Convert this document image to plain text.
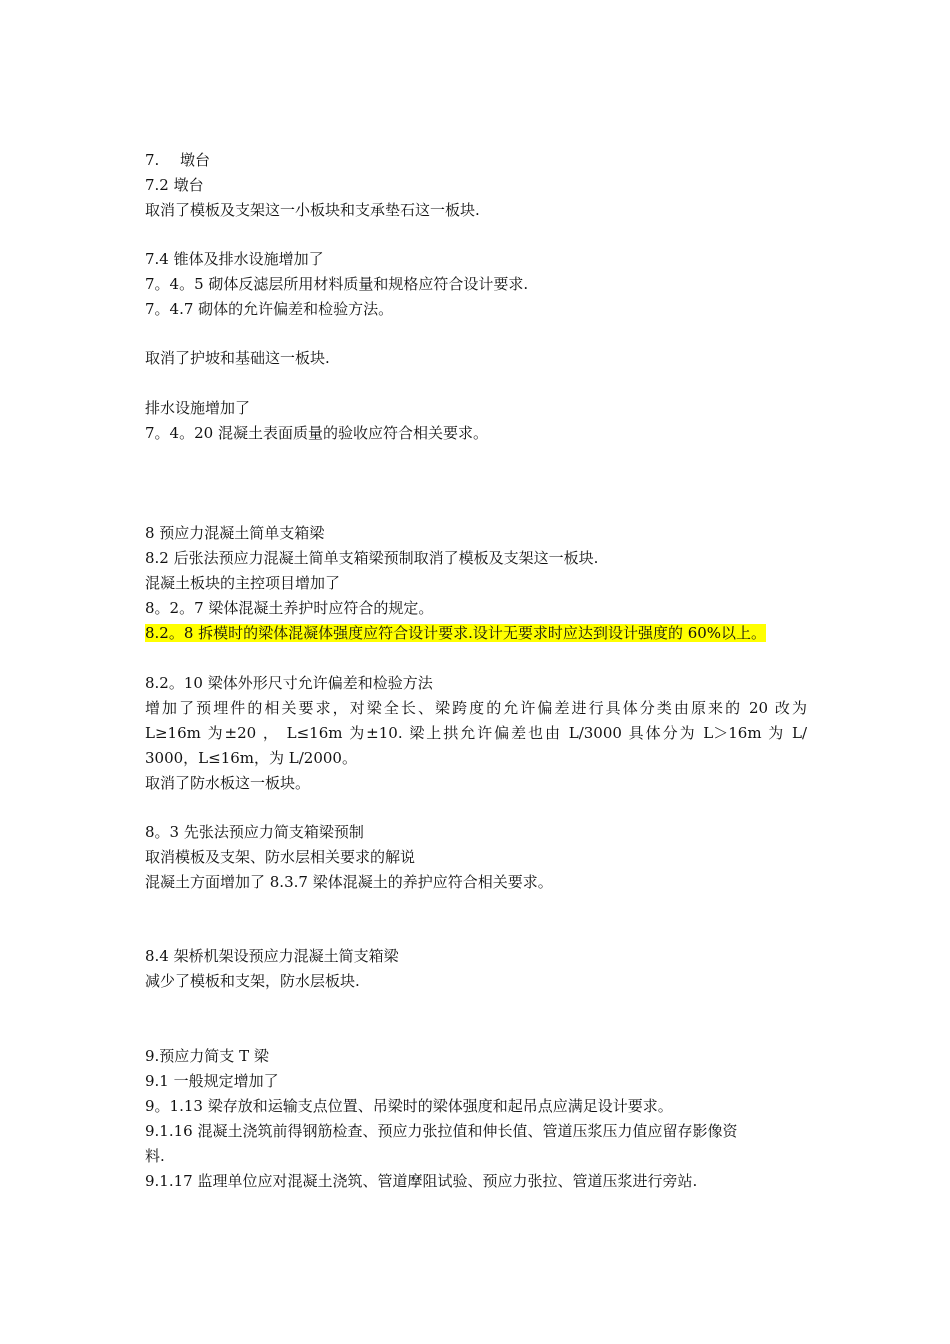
7. 墩台
7.2 墩台
取消了模板及支架这一小板块和支承垫石这一板块.
7.4 锥体及排水设施增加了
7。4。5 砌体反滤层所用材料质量和规格应符合设计要求.
7。4.7 砌体的允许偏差和检验方法。
取消了护坡和基础这一板块.
排水设施增加了
7。4。20 混凝土表面质量的验收应符合相关要求。
8 预应力混凝土简单支箱梁
8.2 后张法预应力混凝土简单支箱梁预制取消了模板及支架这一板块.
混凝土板块的主控项目增加了
8。2。7 梁体混凝土养护时应符合的规定。
8.2。8 拆模时的梁体混凝体强度应符合设计要求.设计无要求时应达到设计强度的 60%以上。
8.2。10 梁体外形尺寸允许偏差和检验方法
增加了预埋件的相关要求，对梁全长、梁跨度的允许偏差进行具体分类由原来的 20 改为
L≥16m 为±20 ， L≤16m 为±10. 梁上拱允许偏差也由 L/3000 具体分为 L＞16m 为 L/
3000，L≤16m，为 L/2000。
取消了防水板这一板块。
8。3 先张法预应力简支箱梁预制
取消模板及支架、防水层相关要求的解说
混凝土方面增加了 8.3.7 梁体混凝土的养护应符合相关要求。
8.4 架桥机架设预应力混凝土简支箱梁
减少了模板和支架，防水层板块.
9.预应力简支 T 梁
9.1 一般规定增加了
9。1.13 梁存放和运输支点位置、吊梁时的梁体强度和起吊点应满足设计要求。
9.1.16 混凝土浇筑前得钢筋检查、预应力张拉值和伸长值、管道压浆压力值应留存影像资
料.
9.1.17 监理单位应对混凝土浇筑、管道摩阻试验、预应力张拉、管道压浆进行旁站.
